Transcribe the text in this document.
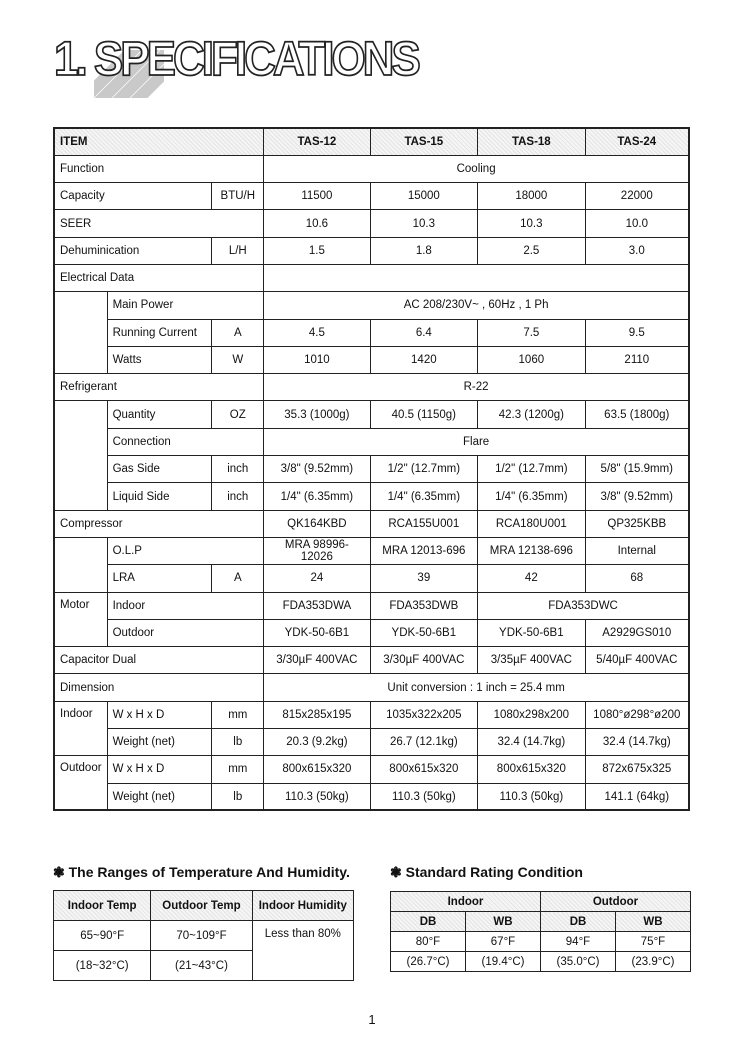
1. SPECIFICATIONS
ITEM			TAS-12	TAS-15	TAS-18	TAS-24
Function			Cooling			
Capacity		BTU/H	11500	15000	18000	22000
SEER			10.6	10.3	10.3	10.0
Dehuminication		L/H	1.5	1.8	2.5	3.0
Electrical Data						
	Main Power		AC 208/230V~ , 60Hz , 1 Ph			
	Running Current	A	4.5	6.4	7.5	9.5
	Watts	W	1010	1420	1060	2110
Refrigerant			R-22			
	Quantity	OZ	35.3 (1000g)	40.5 (1150g)	42.3 (1200g)	63.5 (1800g)
	Connection		Flare			
	Gas Side	inch	3/8" (9.52mm)	1/2" (12.7mm)	1/2" (12.7mm)	5/8" (15.9mm)
	Liquid Side	inch	1/4" (6.35mm)	1/4" (6.35mm)	1/4" (6.35mm)	3/8" (9.52mm)
Compressor			QK164KBD	RCA155U001	RCA180U001	QP325KBB
	O.L.P		MRA 98996-12026	MRA 12013-696	MRA 12138-696	Internal
	LRA	A	24	39	42	68
Motor	Indoor		FDA353DWA	FDA353DWB	FDA353DWC	
	Outdoor		YDK-50-6B1	YDK-50-6B1	YDK-50-6B1	A2929GS010
Capacitor Dual			3/30µF 400VAC	3/30µF 400VAC	3/35µF 400VAC	5/40µF 400VAC
Dimension			Unit conversion : 1 inch = 25.4 mm			
Indoor	W x H x D	mm	815x285x195	1035x322x205	1080x298x200	1080°ø298°ø200
	Weight (net)	lb	20.3 (9.2kg)	26.7 (12.1kg)	32.4 (14.7kg)	32.4 (14.7kg)
Outdoor	W x H x D	mm	800x615x320	800x615x320	800x615x320	872x675x325
	Weight (net)	lb	110.3 (50kg)	110.3 (50kg)	110.3 (50kg)	141.1 (64kg)
❃ The Ranges of Temperature And Humidity.
Indoor Temp	Outdoor Temp	Indoor Humidity
65~90°F	70~109°F	Less than 80%
(18~32°C)	(21~43°C)	
❃ Standard Rating Condition
Indoor		Outdoor	
DB	WB	DB	WB
80°F	67°F	94°F	75°F
(26.7°C)	(19.4°C)	(35.0°C)	(23.9°C)
1
